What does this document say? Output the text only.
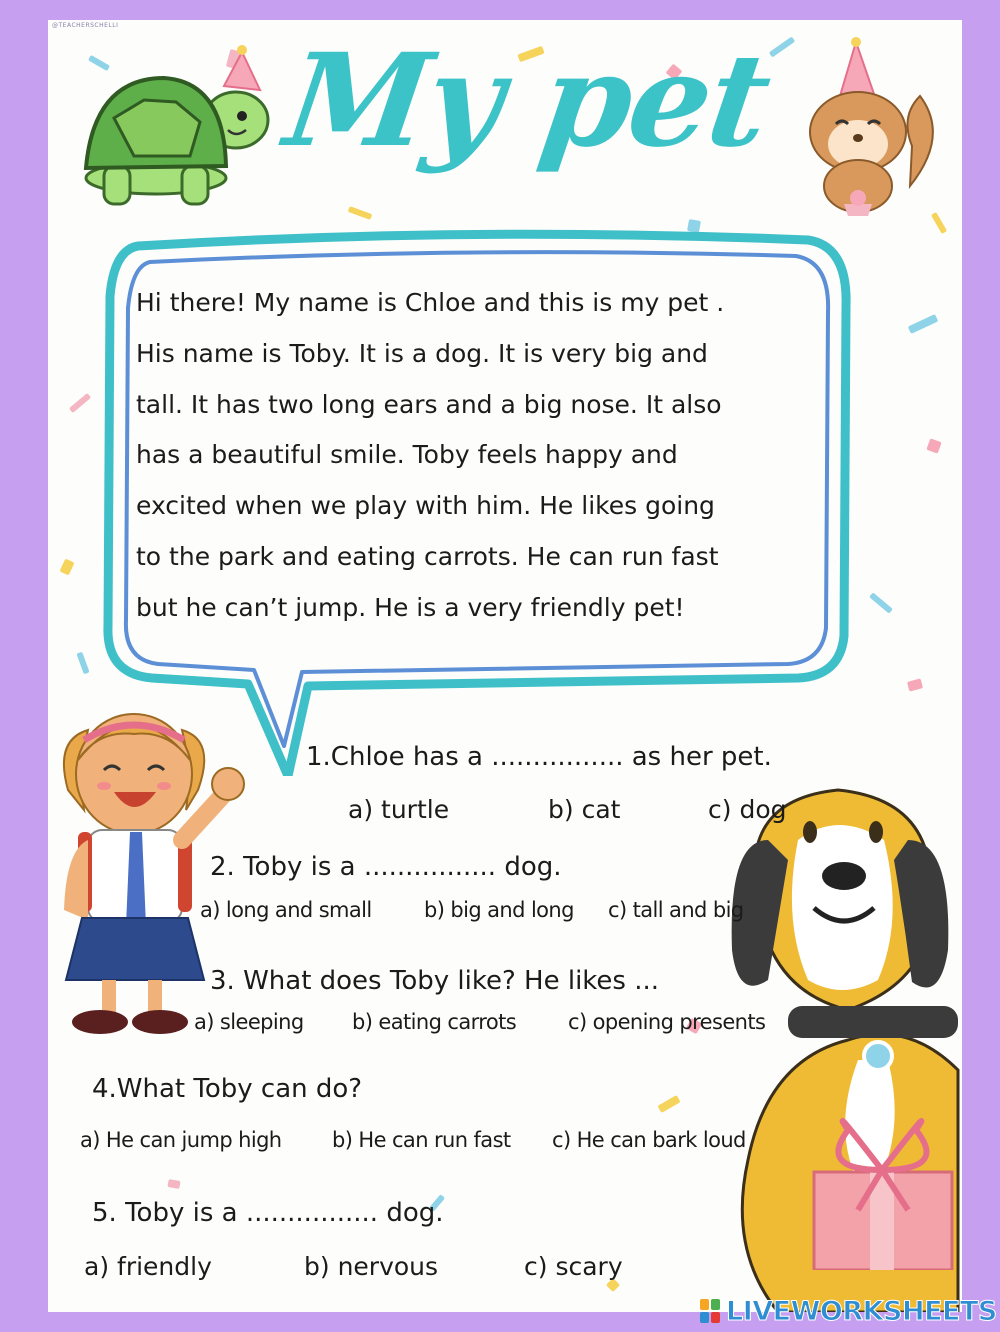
@TEACHERSCHELLI
My pet
Hi there! My name is Chloe and this is my pet .
His name is Toby. It is a dog. It is very big and
tall. It has two long ears and a big nose. It also
has a beautiful smile. Toby feels happy and
excited when we play with him. He likes going
to the park and eating carrots. He can run fast
but he can’t jump. He is a very friendly pet!
1.Chloe has a ................ as her pet.
a) turtle	b) cat	c) dog
2. Toby is a ................ dog.
a) long and small b) big and long c) tall and big
3. What does Toby like? He likes ...
a) sleeping b) eating carrots c) opening presents
4.What Toby can do?
a) He can jump high b) He can run fast c) He can bark loud
5. Toby is a ................ dog.
a) friendly	b) nervous	c) scary
LIVEWORKSHEETS
